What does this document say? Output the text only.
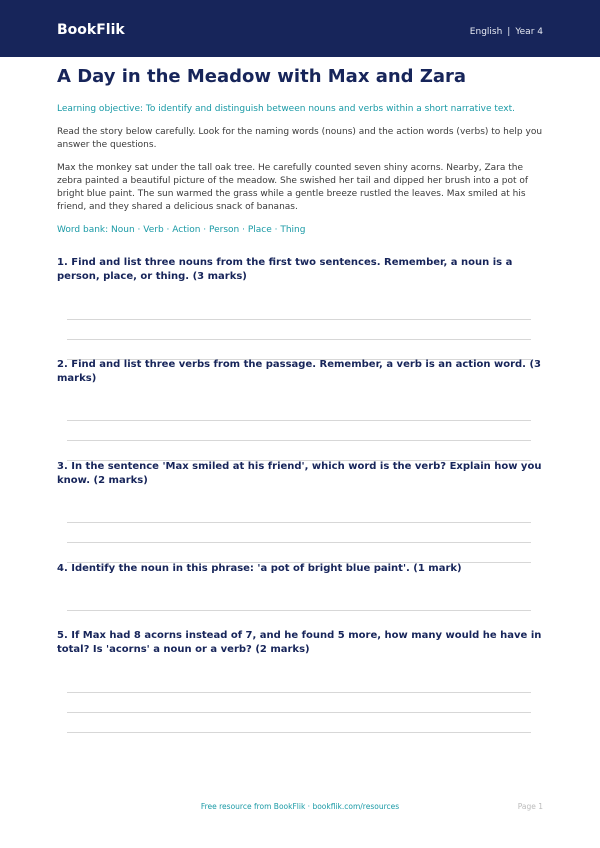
BookFlik	English | Year 4
A Day in the Meadow with Max and Zara

Learning objective: To identify and distinguish between nouns and verbs within a short narrative text.

Read the story below carefully. Look for the naming words (nouns) and the action words (verbs) to help you answer the questions.

Max the monkey sat under the tall oak tree. He carefully counted seven shiny acorns. Nearby, Zara the zebra painted a beautiful picture of the meadow. She swished her tail and dipped her brush into a pot of bright blue paint. The sun warmed the grass while a gentle breeze rustled the leaves. Max smiled at his friend, and they shared a delicious snack of bananas.

Word bank: Noun · Verb · Action · Person · Place · Thing

1. Find and list three nouns from the first two sentences. Remember, a noun is a person, place, or thing. (3 marks)
2. Find and list three verbs from the passage. Remember, a verb is an action word. (3 marks)
3. In the sentence 'Max smiled at his friend', which word is the verb? Explain how you know. (2 marks)
4. Identify the noun in this phrase: 'a pot of bright blue paint'. (1 mark)
5. If Max had 8 acorns instead of 7, and he found 5 more, how many would he have in total? Is 'acorns' a noun or a verb? (2 marks)
Free resource from BookFlik · bookflik.com/resources	Page 1
